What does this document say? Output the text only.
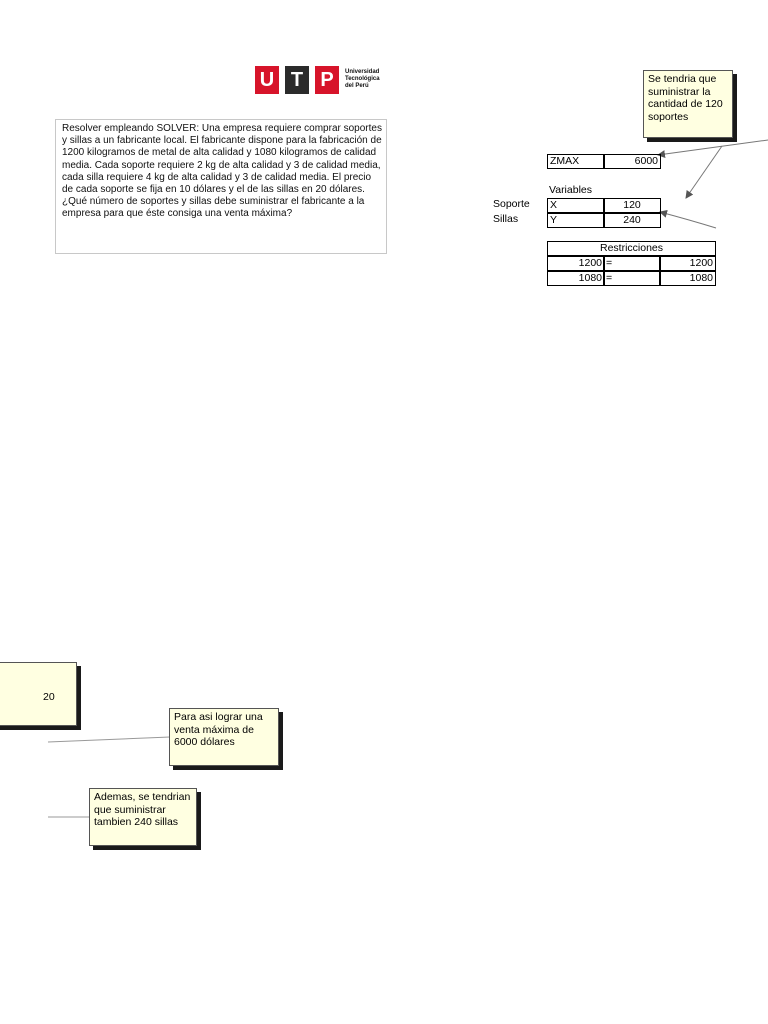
U T P	Universidad
Tecnológica
del Perú
Resolver empleando SOLVER: Una empresa requiere comprar soportes y sillas a un fabricante local. El fabricante dispone para la fabricación de 1200 kilogramos de metal de alta calidad y 1080 kilogramos de calidad media. Cada soporte requiere 2 kg de alta calidad y 3 de calidad media, cada silla requiere 4 kg de alta calidad y 3 de calidad media. El precio de cada soporte se fija en 10 dólares y el de las sillas en 20 dólares. ¿Qué número de soportes y sillas debe suministrar el fabricante a la empresa para que éste consiga una venta máxima?
Se tendria que suministrar la cantidad de 120 soportes
ZMAX	6000
Variables
Soporte X	120
Sillas	Y	240
Restricciones
1200 =	1200
1080 =	1080
20
Para asi lograr una venta máxima de 6000 dólares
Ademas, se tendrian que suministrar tambien 240 sillas
